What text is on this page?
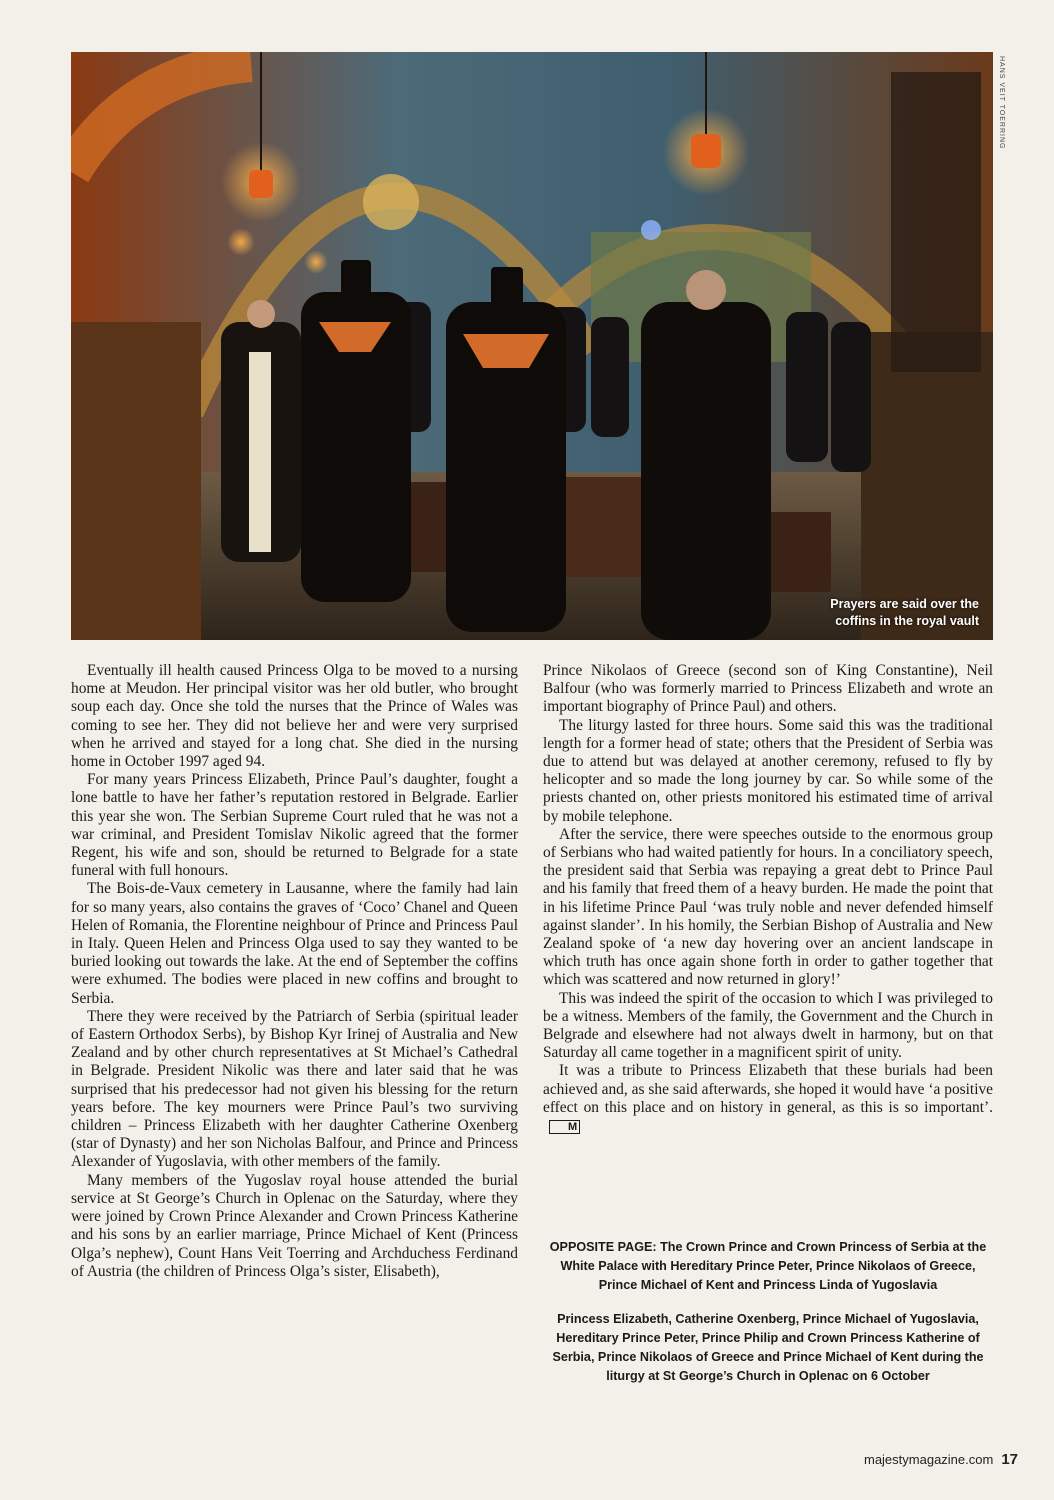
Prayers are said over the
coffins in the royal vault
HANS VEIT TOERRING

Eventually ill health caused Princess Olga to be moved to a nursing home at Meudon. Her principal visitor was her old butler, who brought soup each day. Once she told the nurses that the Prince of Wales was coming to see her. They did not believe her and were very surprised when he arrived and stayed for a long chat. She died in the nursing home in October 1997 aged 94.

For many years Princess Elizabeth, Prince Paul’s daughter, fought a lone battle to have her father’s reputation restored in Belgrade. Earlier this year she won. The Serbian Supreme Court ruled that he was not a war criminal, and President Tomislav Nikolic agreed that the former Regent, his wife and son, should be returned to Belgrade for a state funeral with full honours.

The Bois-de-Vaux cemetery in Lausanne, where the family had lain for so many years, also contains the graves of ‘Coco’ Chanel and Queen Helen of Romania, the Florentine neighbour of Prince and Princess Paul in Italy. Queen Helen and Princess Olga used to say they wanted to be buried looking out towards the lake. At the end of September the coffins were exhumed. The bodies were placed in new coffins and brought to Serbia.

There they were received by the Patriarch of Serbia (spiritual leader of Eastern Orthodox Serbs), by Bishop Kyr Irinej of Australia and New Zealand and by other church representatives at St Michael’s Cathedral in Belgrade. President Nikolic was there and later said that he was surprised that his predecessor had not given his blessing for the return years before. The key mourners were Prince Paul’s two surviving children – Princess Elizabeth with her daughter Catherine Oxenberg (star of Dynasty) and her son Nicholas Balfour, and Prince and Princess Alexander of Yugoslavia, with other members of the family.

Many members of the Yugoslav royal house attended the burial service at St George’s Church in Oplenac on the Saturday, where they were joined by Crown Prince Alexander and Crown Princess Katherine and his sons by an earlier marriage, Prince Michael of Kent (Princess Olga’s nephew), Count Hans Veit Toerring and Archduchess Ferdinand of Austria (the children of Princess Olga’s sister, Elisabeth),

Prince Nikolaos of Greece (second son of King Constantine), Neil Balfour (who was formerly married to Princess Elizabeth and wrote an important biography of Prince Paul) and others.

The liturgy lasted for three hours. Some said this was the traditional length for a former head of state; others that the President of Serbia was due to attend but was delayed at another ceremony, refused to fly by helicopter and so made the long journey by car. So while some of the priests chanted on, other priests monitored his estimated time of arrival by mobile telephone.

After the service, there were speeches outside to the enormous group of Serbians who had waited patiently for hours. In a conciliatory speech, the president said that Serbia was repaying a great debt to Prince Paul and his family that freed them of a heavy burden. He made the point that in his lifetime Prince Paul ‘was truly noble and never defended himself against slander’. In his homily, the Serbian Bishop of Australia and New Zealand spoke of ‘a new day hovering over an ancient landscape in which truth has once again shone forth in order to gather together that which was scattered and now returned in glory!’

This was indeed the spirit of the occasion to which I was privileged to be a witness. Members of the family, the Government and the Church in Belgrade and elsewhere had not always dwelt in harmony, but on that Saturday all came together in a magnificent spirit of unity.

It was a tribute to Princess Elizabeth that these burials had been achieved and, as she said afterwards, she hoped it would have ‘a positive effect on this place and on history in general, as this is so important’.M

OPPOSITE PAGE: The Crown Prince and Crown Princess of Serbia at the White Palace with Hereditary Prince Peter, Prince Nikolaos of Greece, Prince Michael of Kent and Princess Linda of Yugoslavia
Princess Elizabeth, Catherine Oxenberg, Prince Michael of Yugoslavia, Hereditary Prince Peter, Prince Philip and Crown Princess Katherine of Serbia, Prince Nikolaos of Greece and Prince Michael of Kent during the liturgy at St George’s Church in Oplenac on 6 October
majestymagazine.com 17
